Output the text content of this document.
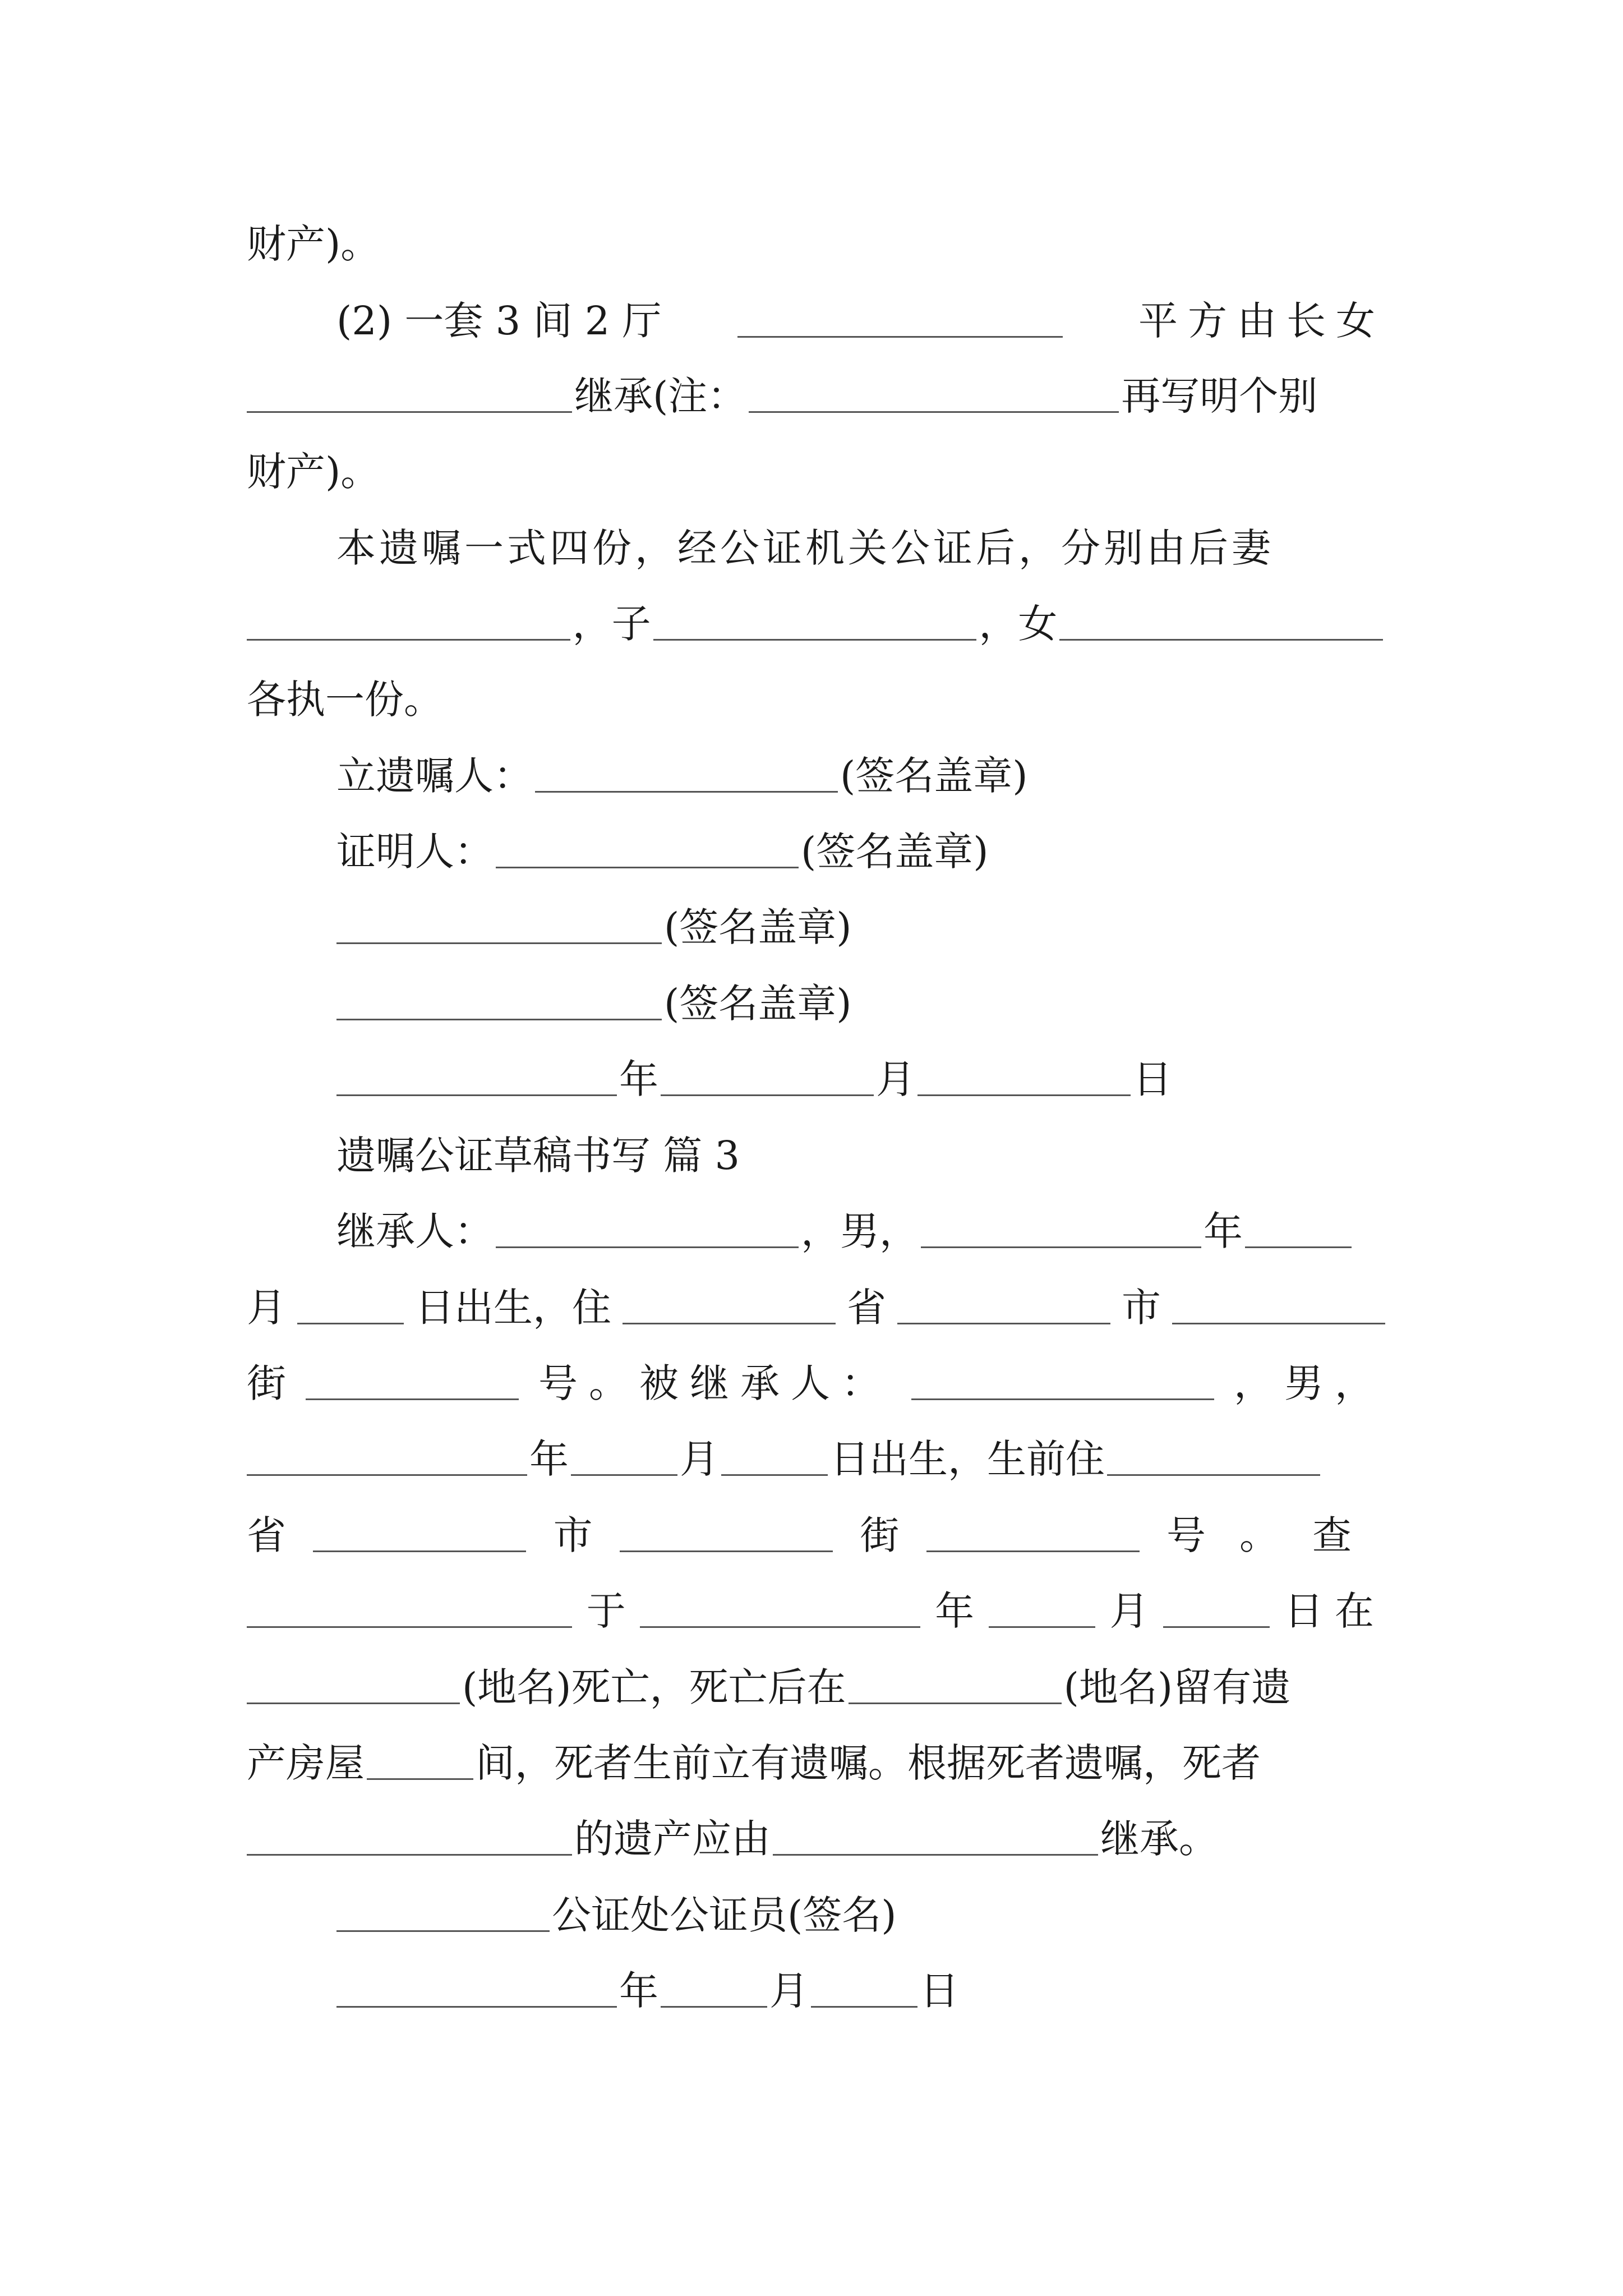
财产)。
(2) 一套 3 间 2 厅	平方由长女
继承(注：	再写明个别
财产)。
本遗嘱一式四份，经公证机关公证后，分别由后妻
，子	，女
各执一份。
立遗嘱人：	(签名盖章)
证明人：	(签名盖章)
(签名盖章)
(签名盖章)
年	月	日
遗嘱公证草稿书写 篇 3
继承人：	，男，	年
月	日出生，住	省	市
街	号。被继承人：	，男，
年	月	日出生，生前住
省	市	街	号。查
于	年	月	日在
(地名)死亡，死亡后在	(地名)留有遗
产房屋	间，死者生前立有遗嘱。根据死者遗嘱，死者
的遗产应由	继承。
公证处公证员(签名)
年	月	日
